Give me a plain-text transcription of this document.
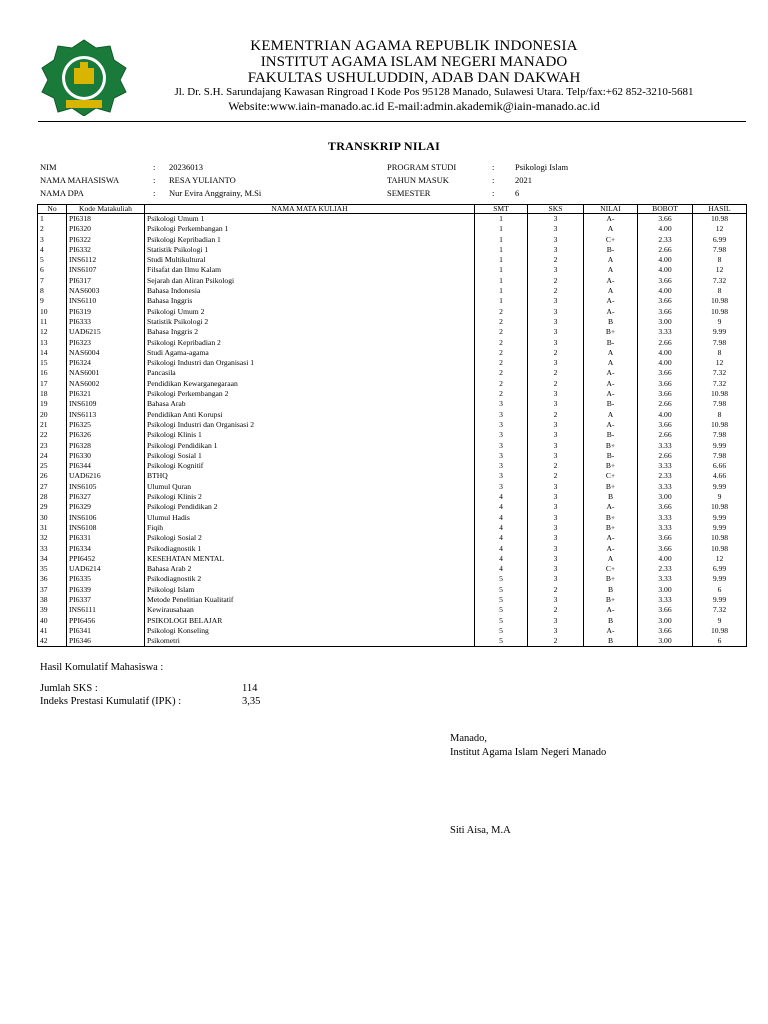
KEMENTRIAN AGAMA REPUBLIK INDONESIA
INSTITUT AGAMA ISLAM NEGERI MANADO
FAKULTAS USHULUDDIN, ADAB DAN DAKWAH
Jl. Dr. S.H. Sarundajang Kawasan Ringroad I Kode Pos 95128 Manado, Sulawesi Utara. Telp/fax:+62 852-3210-5681
Website:www.iain-manado.ac.id E-mail:admin.akademik@iain-manado.ac.id
TRANSKRIP NILAI
NIM	: 20236013
NAMA MAHASISWA	: RESA YULIANTO
NAMA DPA	: Nur Evira Anggrainy, M.Si
PROGRAM STUDI	: Psikologi Islam
TAHUN MASUK	: 2021
SEMESTER	: 6
No	Kode Matakuliah	NAMA MATA KULIAH	SMT	SKS	NILAI	BOBOT	HASIL
1	PI6318	Psikologi Umum 1	1	3	A-	3.66	10.98
2	PI6320	Psikologi Perkembangan 1	1	3	A	4.00	12
3	PI6322	Psikologi Kepribadian 1	1	3	C+	2.33	6.99
4	PI6332	Statistik Psikologi 1	1	3	B-	2.66	7.98
5	INS6112	Studi Multikultural	1	2	A	4.00	8
6	INS6107	Filsafat dan Ilmu Kalam	1	3	A	4.00	12
7	PI6317	Sejarah dan Aliran Psikologi	1	2	A-	3.66	7.32
8	NAS6003	Bahasa Indonesia	1	2	A	4.00	8
9	INS6110	Bahasa Inggris	1	3	A-	3.66	10.98
10	PI6319	Psikologi Umum 2	2	3	A-	3.66	10.98
11	PI6333	Statistik Psikologi 2	2	3	B	3.00	9
12	UAD6215	Bahasa Inggris 2	2	3	B+	3.33	9.99
13	PI6323	Psikologi Kepribadian 2	2	3	B-	2.66	7.98
14	NAS6004	Studi Agama-agama	2	2	A	4.00	8
15	PI6324	Psikologi Industri dan Organisasi 1	2	3	A	4.00	12
16	NAS6001	Pancasila	2	2	A-	3.66	7.32
17	NAS6002	Pendidikan Kewarganegaraan	2	2	A-	3.66	7.32
18	PI6321	Psikologi Perkembangan 2	2	3	A-	3.66	10.98
19	INS6109	Bahasa Arab	3	3	B-	2.66	7.98
20	INS6113	Pendidikan Anti Korupsi	3	2	A	4.00	8
21	PI6325	Psikologi Industri dan Organisasi 2	3	3	A-	3.66	10.98
22	PI6326	Psikologi Klinis 1	3	3	B-	2.66	7.98
23	PI6328	Psikologi Pendidikan 1	3	3	B+	3.33	9.99
24	PI6330	Psikologi Sosial 1	3	3	B-	2.66	7.98
25	PI6344	Psikologi Kognitif	3	2	B+	3.33	6.66
26	UAD6216	BTHQ	3	2	C+	2.33	4.66
27	INS6105	Ulumul Quran	3	3	B+	3.33	9.99
28	PI6327	Psikologi Klinis 2	4	3	B	3.00	9
29	PI6329	Psikologi Pendidikan 2	4	3	A-	3.66	10.98
30	INS6106	Ulumul Hadis	4	3	B+	3.33	9.99
31	INS6108	Fiqih	4	3	B+	3.33	9.99
32	PI6331	Psikologi Sosial 2	4	3	A-	3.66	10.98
33	PI6334	Psikodiagnostik 1	4	3	A-	3.66	10.98
34	PPI6452	KESEHATAN MENTAL	4	3	A	4.00	12
35	UAD6214	Bahasa Arab 2	4	3	C+	2.33	6.99
36	PI6335	Psikodiagnostik 2	5	3	B+	3.33	9.99
37	PI6339	Psikologi Islam	5	2	B	3.00	6
38	PI6337	Metode Penelitian Kualitatif	5	3	B+	3.33	9.99
39	INS6111	Kewirausahaan	5	2	A-	3.66	7.32
40	PPI6456	PSIKOLOGI BELAJAR	5	3	B	3.00	9
41	PI6341	Psikologi Konseling	5	3	A-	3.66	10.98
42	PI6346	Psikometri	5	2	B	3.00	6
Hasil Komulatif Mahasiswa :
Jumlah SKS :	114
Indeks Prestasi Kumulatif (IPK) :	3,35
Manado,
Institut Agama Islam Negeri Manado
Siti Aisa, M.A
